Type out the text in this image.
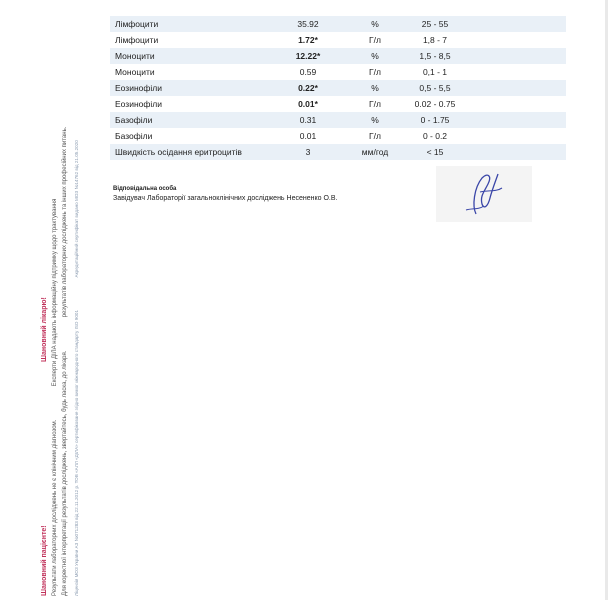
Лімфоцити	35.92	%	25 - 55
Лімфоцити	1.72*	Г/л	1,8 - 7
Моноцити	12.22*	%	1,5 - 8,5
Моноцити	0.59	Г/л	0,1 - 1
Еозинофіли	0.22*	%	0,5 - 5,5
Еозинофіли	0.01*	Г/л	0.02 - 0.75
Базофіли	0.31	%	0 - 1.75
Базофіли	0.01	Г/л	0 - 0.2
Швидкість осідання еритроцитів	3	мм/год	< 15
Відповідальна особа
Завідувач Лабораторії загальноклінічних досліджень Несененко О.В.
Шановний пацієнте!  Шановний лікарю!
Результати лабораторних досліджень не є клінічним діагнозом.  Експерти ДІЛА надають інформаційну підтримку щодо трактування
Для коректної інтерпретації результатів досліджень, звертайтесь, будь ласка, до лікаря.  результатів лабораторних досліджень та інших професійних питань.
Ліцензія МОЗ України АЗ №071283 від 22.11.2012 р. ТОВ «АЛЛ «ДІЛА» сертифіковане згідно вимог міжнародного стандарту ISO 9001  Акредитаційний сертифікат видано МОЗ №14762 від 21.05.2020
